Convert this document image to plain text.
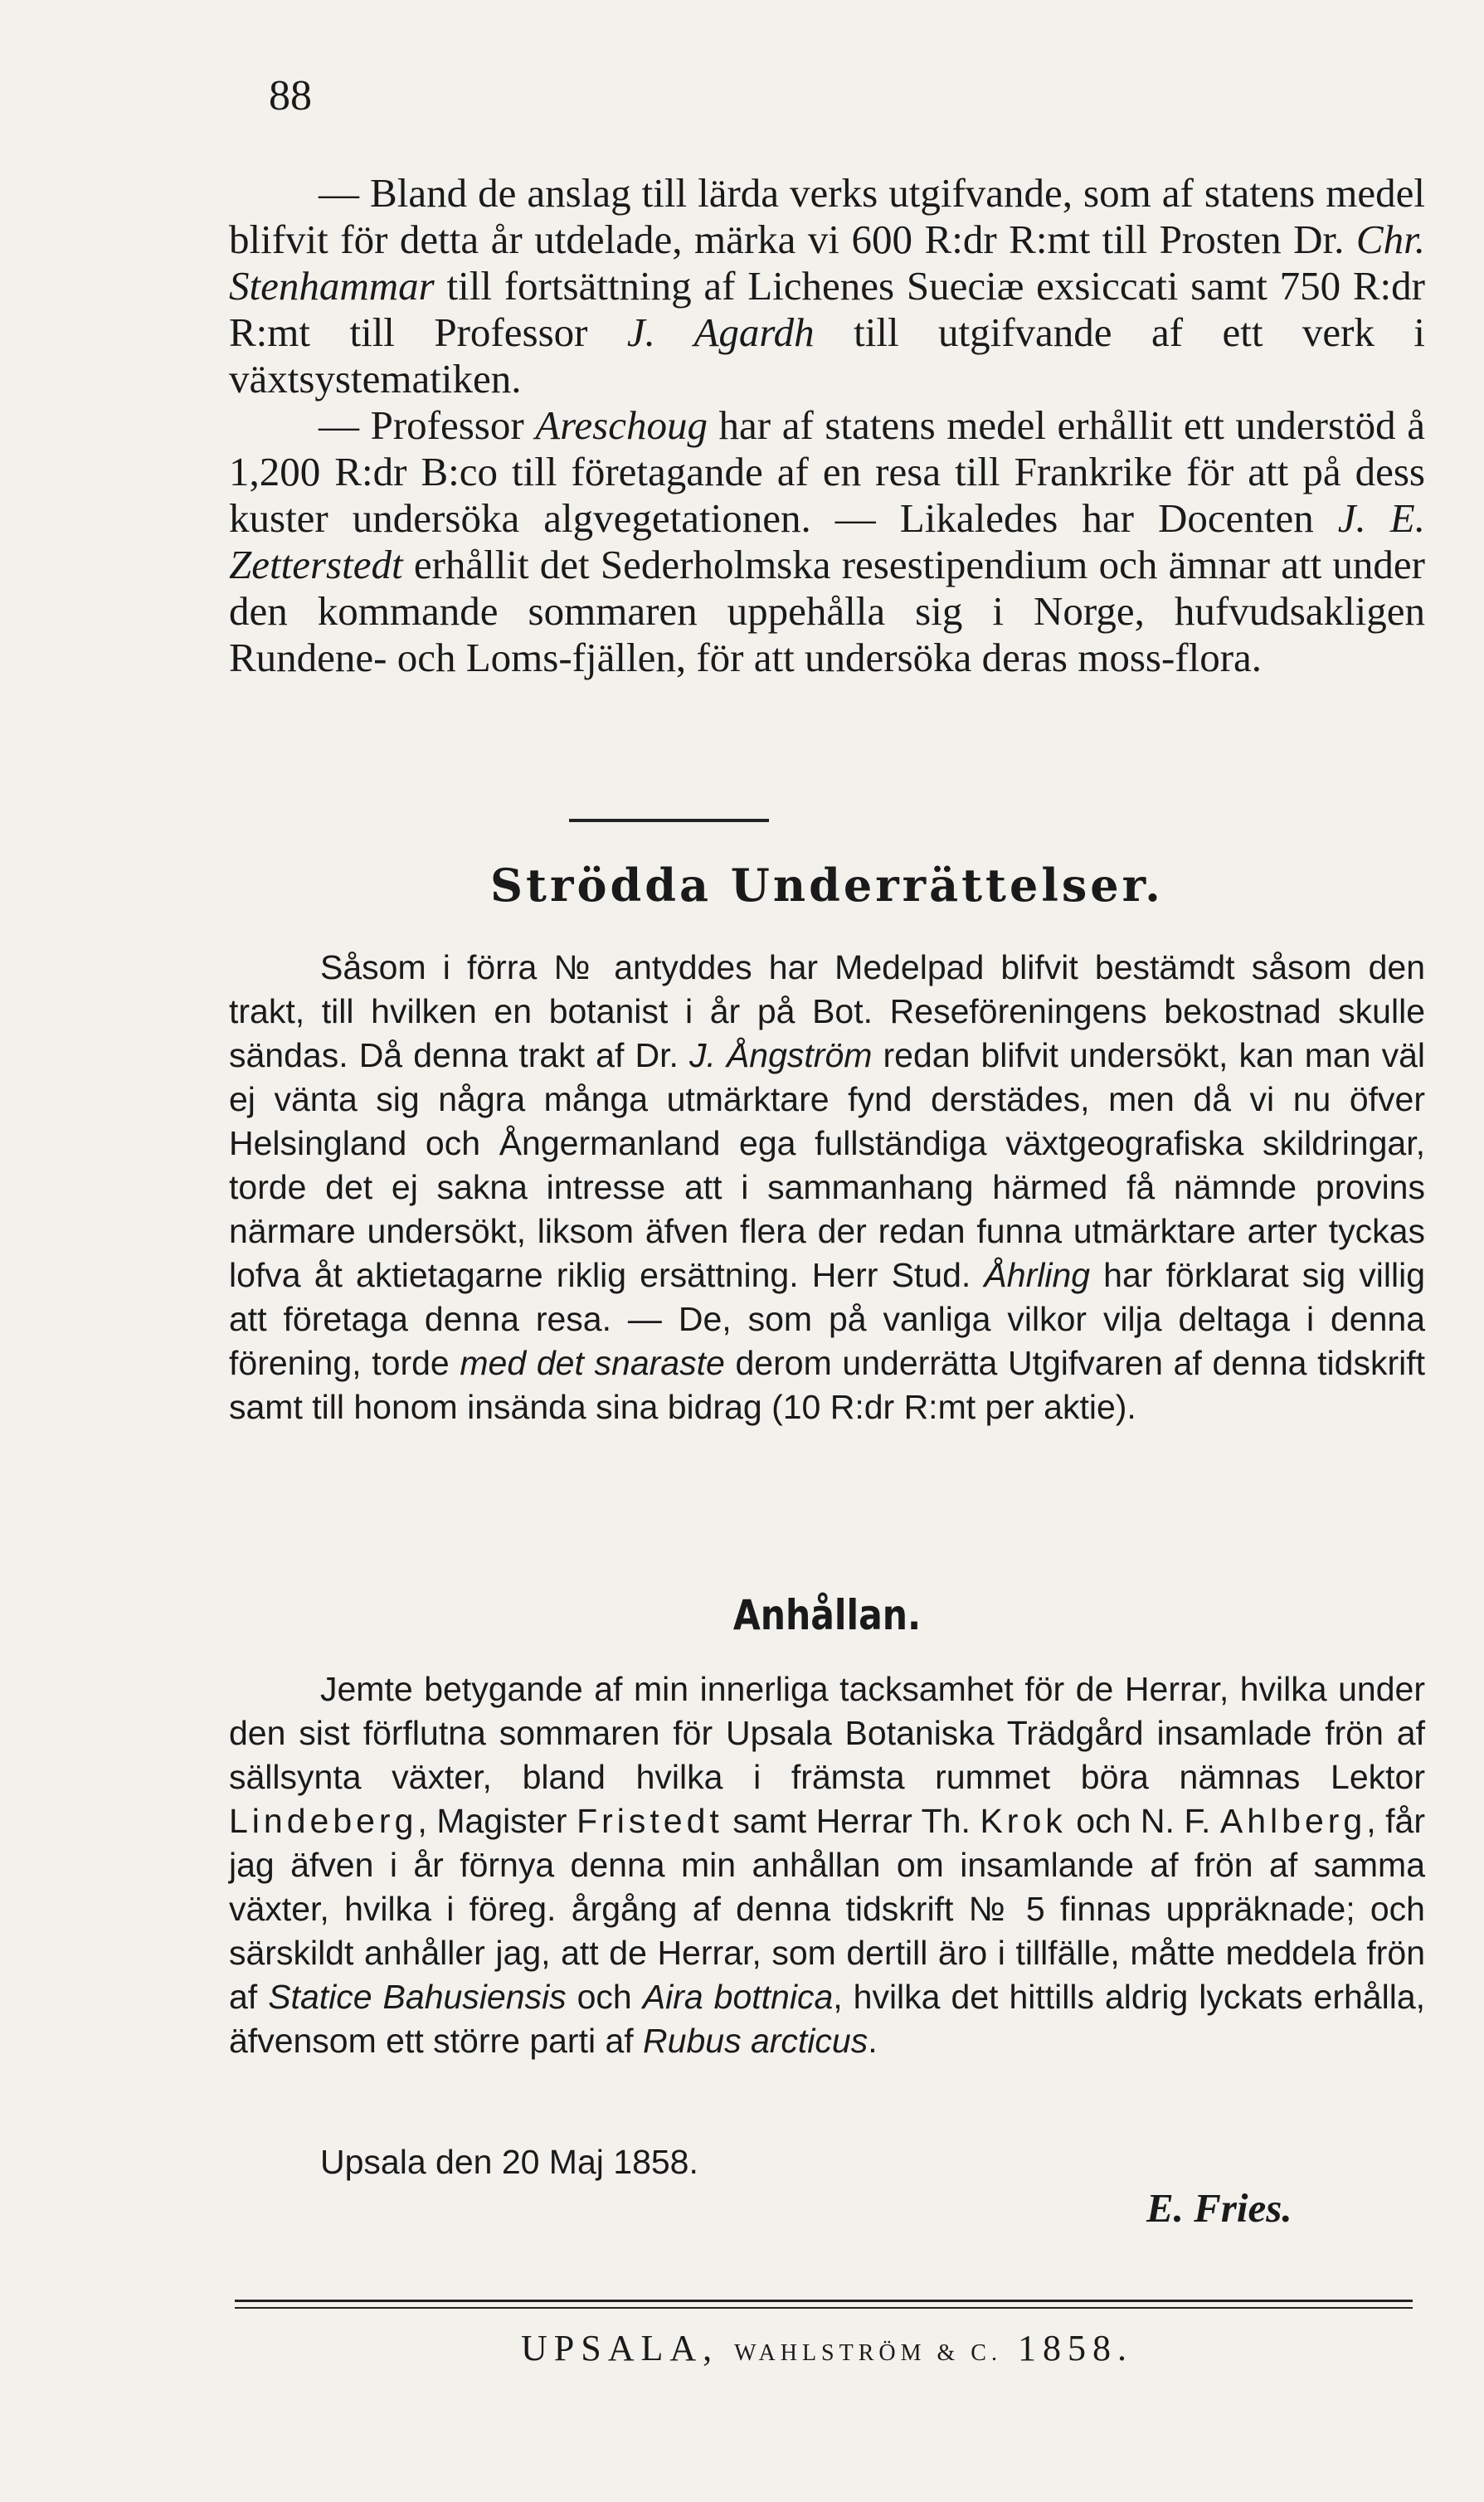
88

— Bland de anslag till lärda verks utgifvande, som af statens medel blifvit för detta år utdelade, märka vi 600 R:dr R:mt till Prosten Dr. Chr. Stenhammar till fortsättning af Lichenes Sueciæ exsiccati samt 750 R:dr R:mt till Professor J. Agardh till utgifvande af ett verk i växtsystematiken.

— Professor Areschoug har af statens medel erhållit ett understöd å 1,200 R:dr B:co till företagande af en resa till Frankrike för att på dess kuster undersöka algvegetationen. — Likaledes har Docenten J. E. Zetterstedt erhållit det Sederholmska resestipendium och ämnar att under den kommande sommaren uppehålla sig i Norge, hufvudsakligen Rundene- och Loms-fjällen, för att undersöka deras moss-flora.

Strödda Underrättelser.

Såsom i förra № antyddes har Medelpad blifvit bestämdt såsom den trakt, till hvilken en botanist i år på Bot. Reseföreningens bekostnad skulle sändas. Då denna trakt af Dr. J. Ångström redan blifvit undersökt, kan man väl ej vänta sig några många utmärktare fynd derstädes, men då vi nu öfver Helsingland och Ångermanland ega fullständiga växtgeografiska skildringar, torde det ej sakna intresse att i sammanhang härmed få nämnde provins närmare undersökt, liksom äfven flera der redan funna utmärktare arter tyckas lofva åt aktietagarne riklig ersättning. Herr Stud. Åhrling har förklarat sig villig att företaga denna resa. — De, som på vanliga vilkor vilja deltaga i denna förening, torde med det snaraste derom underrätta Utgifvaren af denna tidskrift samt till honom insända sina bidrag (10 R:dr R:mt per aktie).

Anhållan.

Jemte betygande af min innerliga tacksamhet för de Herrar, hvilka under den sist förflutna sommaren för Upsala Botaniska Trädgård insamlade frön af sällsynta växter, bland hvilka i främsta rummet böra nämnas Lektor Lindeberg, Magister Fristedt samt Herrar Th. Krok och N. F. Ahlberg, får jag äfven i år förnya denna min anhållan om insamlande af frön af samma växter, hvilka i föreg. årgång af denna tidskrift № 5 finnas uppräknade; och särskildt anhåller jag, att de Herrar, som dertill äro i tillfälle, måtte meddela frön af Statice Bahusiensis och Aira bottnica, hvilka det hittills aldrig lyckats erhålla, äfvensom ett större parti af Rubus arcticus.

Upsala den 20 Maj 1858.
E. Fries.
UPSALA, WAHLSTRÖM & C. 1858.
